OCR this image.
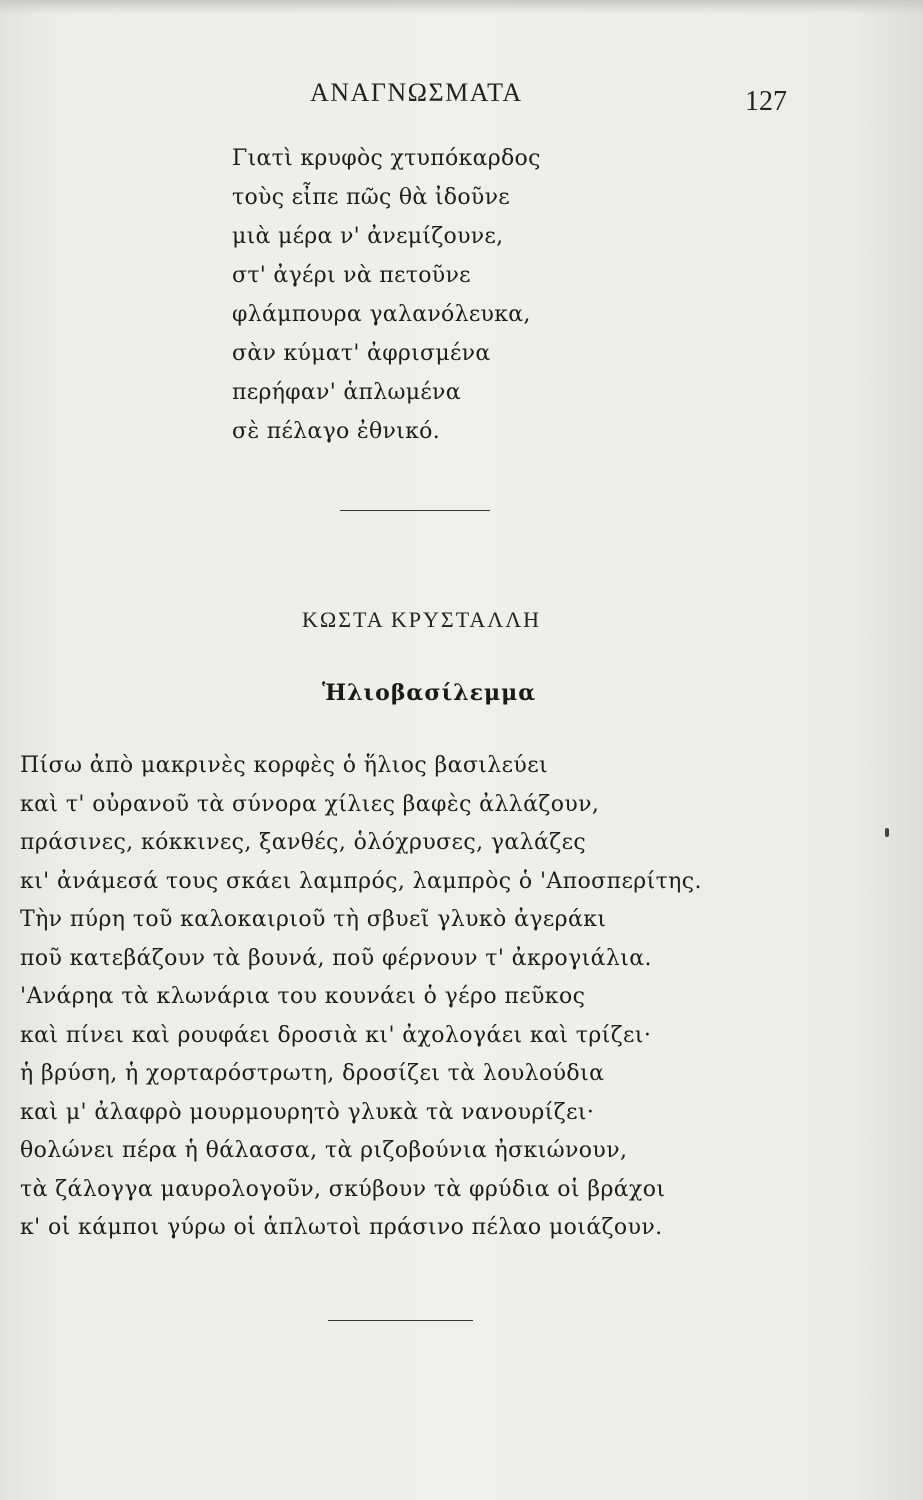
ΑΝΑΓΝΩΣΜΑΤΑ	127
Γιατὶ κρυφὸς χτυπόκαρδος
τοὺς εἶπε πῶς θὰ ἰδοῦνε
μιὰ μέρα ν' ἀνεμίζουνε,
στ' ἀγέρι νὰ πετοῦνε
φλάμπουρα γαλανόλευκα,
σὰν κύματ' ἀφρισμένα
περήφαν' ἁπλωμένα
σὲ πέλαγο ἐθνικό.
ΚΩΣΤΑ ΚΡΥΣΤΑΛΛΗ
Ἡλιοβασίλεμμα
Πίσω ἀπὸ μακρινὲς κορφὲς ὁ ἥλιος βασιλεύει
καὶ τ' οὐρανοῦ τὰ σύνορα χίλιες βαφὲς ἀλλάζουν,
πράσινες, κόκκινες, ξανθές, ὁλόχρυσες, γαλάζες
κι' ἀνάμεσά τους σκάει λαμπρός, λαμπρὸς ὁ 'Αποσπερίτης.
Τὴν πύρη τοῦ καλοκαιριοῦ τὴ σβυεῖ γλυκὸ ἀγεράκι
ποῦ κατεβάζουν τὰ βουνά, ποῦ φέρνουν τ' ἀκρογιάλια.
'Ανάρηα τὰ κλωνάρια του κουνάει ὁ γέρο πεῦκος
καὶ πίνει καὶ ρουφάει δροσιὰ κι' ἀχολογάει καὶ τρίζει·
ἡ βρύση, ἡ χορταρόστρωτη, δροσίζει τὰ λουλούδια
καὶ μ' ἀλαφρὸ μουρμουρητὸ γλυκὰ τὰ νανουρίζει·
θολώνει πέρα ἡ θάλασσα, τὰ ριζοβούνια ἠσκιώνουν,
τὰ ζάλογγα μαυρολογοῦν, σκύβουν τὰ φρύδια οἱ βράχοι
κ' οἱ κάμποι γύρω οἱ ἁπλωτοὶ πράσινο πέλαο μοιάζουν.
